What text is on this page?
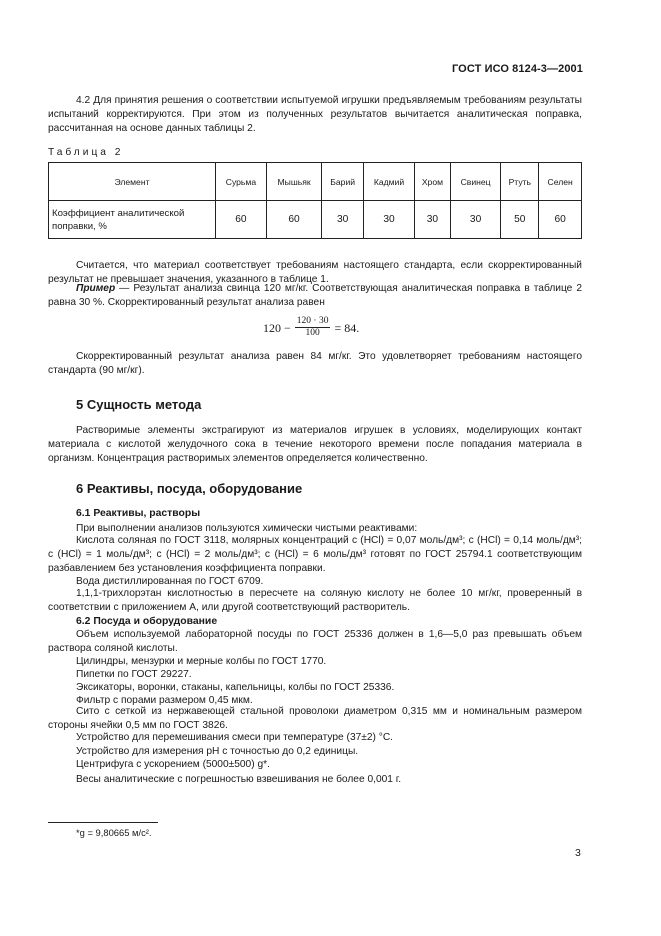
ГОСТ ИСО 8124-3—2001
4.2 Для принятия решения о соответствии испытуемой игрушки предъявляемым требованиям результаты испытаний корректируются. При этом из полученных результатов вычитается аналитическая поправка, рассчитанная на основе данных таблицы 2.
Таблица 2
Элемент	Сурьма	Мышьяк	Барий	Кадмий	Хром	Свинец	Ртуть	Селен
Коэффициент аналитической поправки, %	60	60	30	30	30	30	50	60
Считается, что материал соответствует требованиям настоящего стандарта, если скорректированный результат не превышает значения, указанного в таблице 1.
Пример — Результат анализа свинца 120 мг/кг. Соответствующая аналитическая поправка в таблице 2 равна 30 %. Скорректированный результат анализа равен
$120 - \frac{120 \cdot 30}{100} = 84$.
Скорректированный результат анализа равен 84 мг/кг. Это удовлетворяет требованиям настоящего стандарта (90 мг/кг).
5 Сущность метода
Растворимые элементы экстрагируют из материалов игрушек в условиях, моделирующих контакт материала с кислотой желудочного сока в течение некоторого времени после попадания материала в организм. Концентрация растворимых элементов определяется количественно.
6 Реактивы, посуда, оборудование
6.1 Реактивы, растворы
При выполнении анализов пользуются химически чистыми реактивами:
Кислота соляная по ГОСТ 3118, молярных концентраций c (HCl) = 0,07 моль/дм³; c (HCl) = 0,14 моль/дм³; c (HCl) = 1 моль/дм³; c (HCl) = 2 моль/дм³; c (HCl) = 6 моль/дм³ готовят по ГОСТ 25794.1 соответствующим разбавлением без установления коэффициента поправки.
Вода дистиллированная по ГОСТ 6709.
1,1,1-трихлорэтан кислотностью в пересчете на соляную кислоту не более 10 мг/кг, проверенный в соответствии с приложением А, или другой соответствующий растворитель.
6.2 Посуда и оборудование
Объем используемой лабораторной посуды по ГОСТ 25336 должен в 1,6—5,0 раз превышать объем раствора соляной кислоты.
Цилиндры, мензурки и мерные колбы по ГОСТ 1770.
Пипетки по ГОСТ 29227.
Эксикаторы, воронки, стаканы, капельницы, колбы по ГОСТ 25336.
Фильтр с порами размером 0,45 мкм.
Сито с сеткой из нержавеющей стальной проволоки диаметром 0,315 мм и номинальным размером стороны ячейки 0,5 мм по ГОСТ 3826.
Устройство для перемешивания смеси при температуре (37±2) °С.
Устройство для измерения pH с точностью до 0,2 единицы.
Центрифуга с ускорением (5000±500) g*.
Весы аналитические с погрешностью взвешивания не более 0,001 г.
*g = 9,80665 м/с².
3
